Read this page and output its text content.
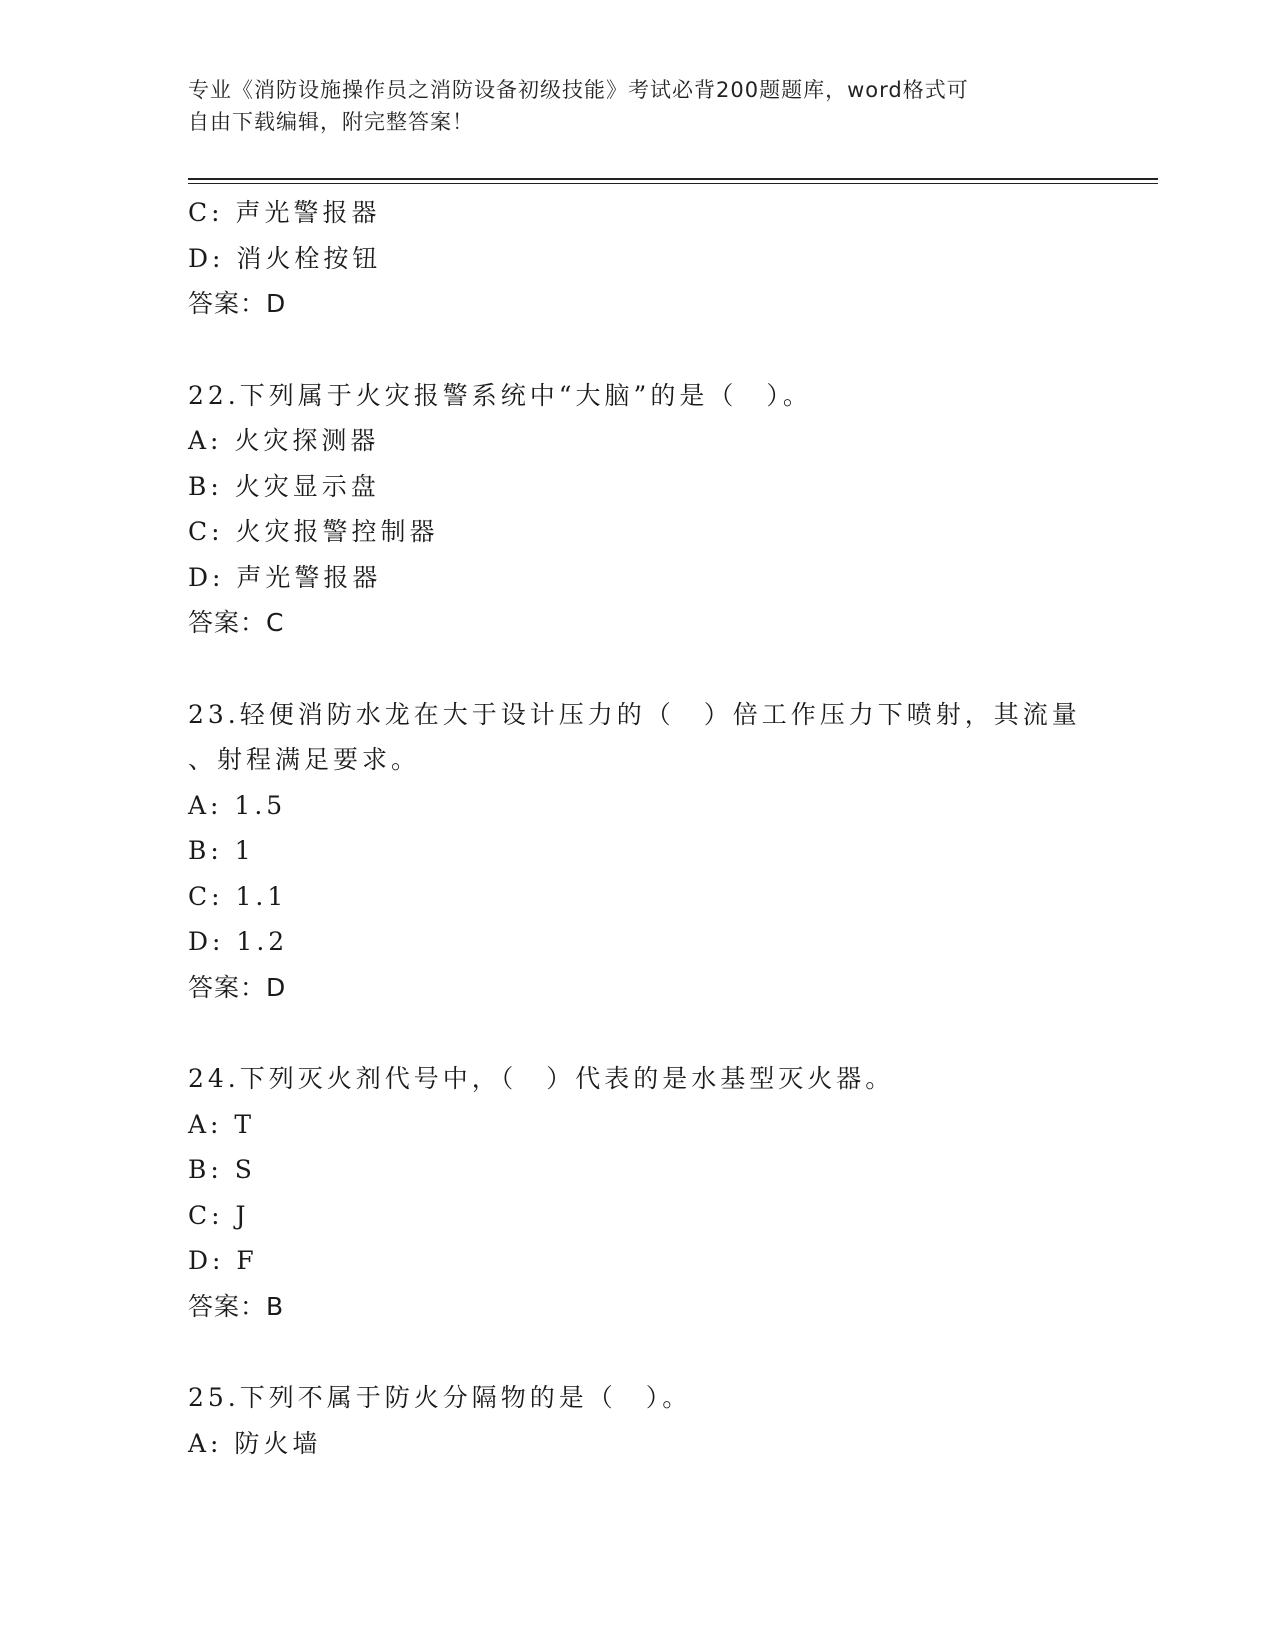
专业《消防设施操作员之消防设备初级技能》考试必背200题题库，word格式可
自由下载编辑，附完整答案！
C: 声光警报器
D: 消火栓按钮
答案：D
22.下列属于火灾报警系统中“大脑”的是（　）。
A: 火灾探测器
B: 火灾显示盘
C: 火灾报警控制器
D: 声光警报器
答案：C
23.轻便消防水龙在大于设计压力的（　）倍工作压力下喷射，其流量
、射程满足要求。
A: 1.5
B: 1
C: 1.1
D: 1.2
答案：D
24.下列灭火剂代号中，（　）代表的是水基型灭火器。
A: T
B: S
C: J
D: F
答案：B
25.下列不属于防火分隔物的是（　）。
A: 防火墙
